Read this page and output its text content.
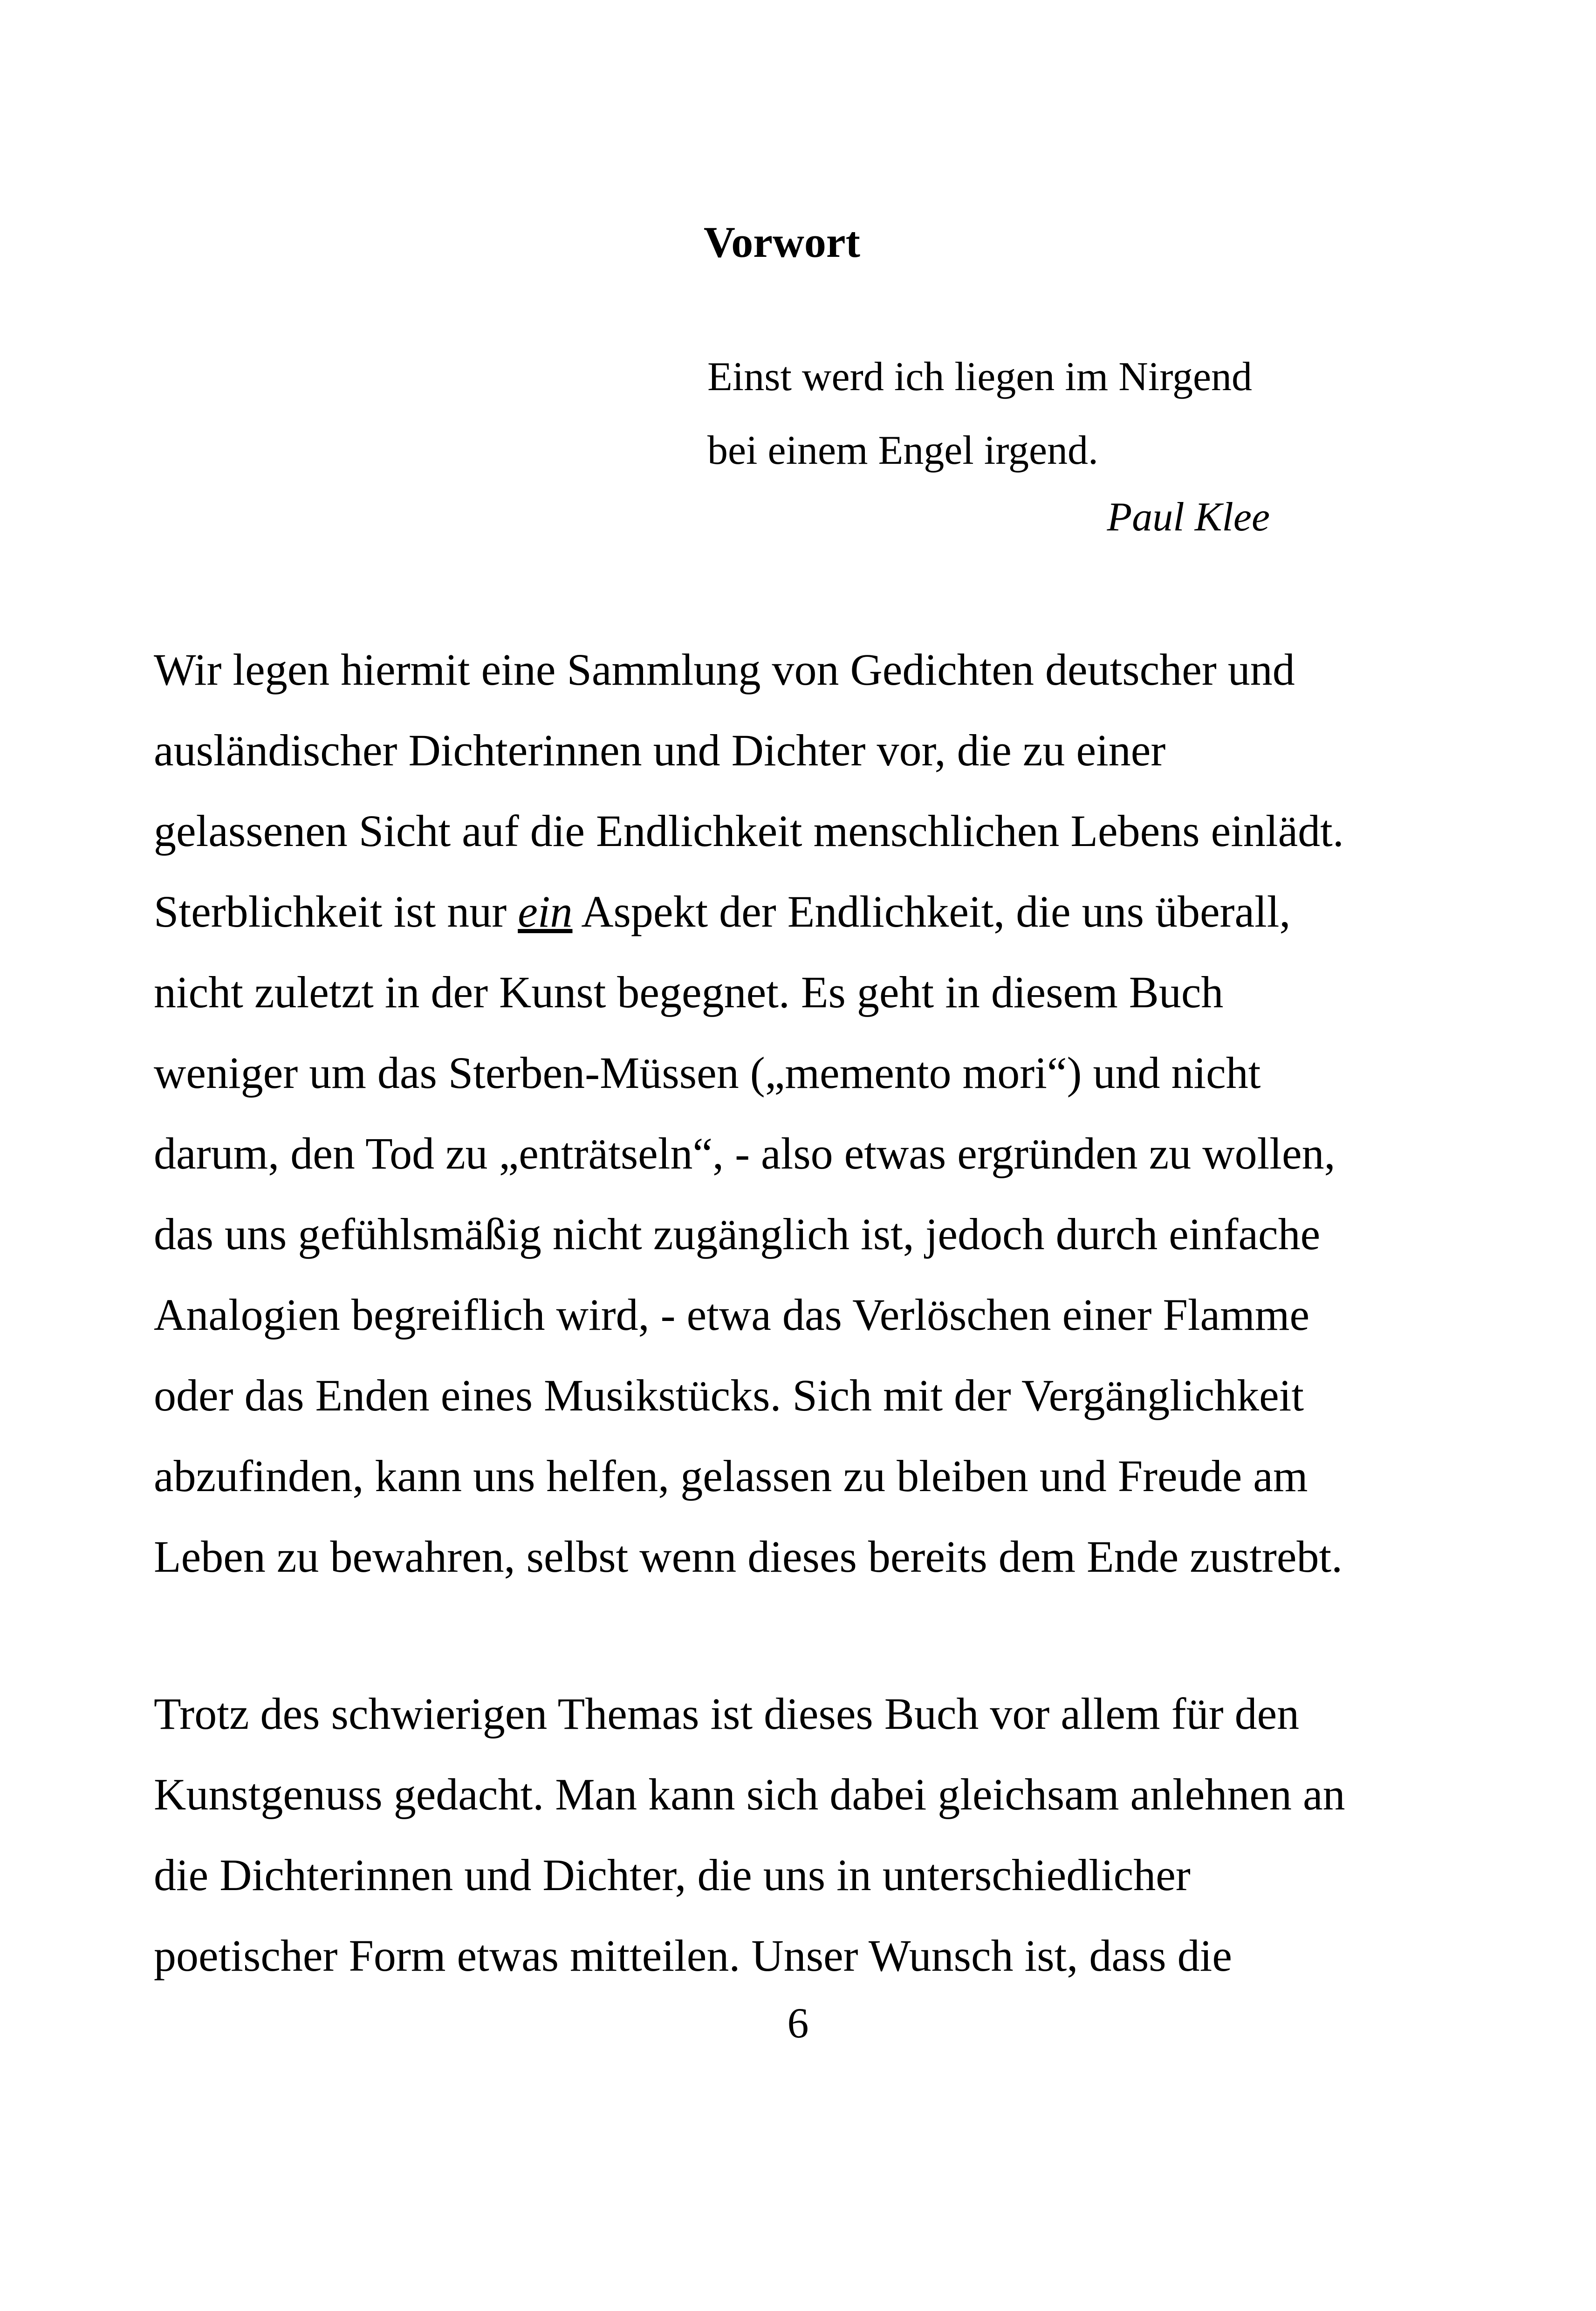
Vorwort
Einst werd ich liegen im Nirgend
bei einem Engel irgend.
Paul Klee
Wir legen hiermit eine Sammlung von Gedichten deutscher und
ausländischer Dichterinnen und Dichter vor, die zu einer
gelassenen Sicht auf die Endlichkeit menschlichen Lebens einlädt.
Sterblichkeit ist nur ein Aspekt der Endlichkeit, die uns überall,
nicht zuletzt in der Kunst begegnet. Es geht in diesem Buch
weniger um das Sterben-Müssen („memento mori“) und nicht
darum, den Tod zu „enträtseln“, - also etwas ergründen zu wollen,
das uns gefühlsmäßig nicht zugänglich ist, jedoch durch einfache
Analogien begreiflich wird, - etwa das Verlöschen einer Flamme
oder das Enden eines Musikstücks. Sich mit der Vergänglichkeit
abzufinden, kann uns helfen, gelassen zu bleiben und Freude am
Leben zu bewahren, selbst wenn dieses bereits dem Ende zustrebt.
Trotz des schwierigen Themas ist dieses Buch vor allem für den
Kunstgenuss gedacht. Man kann sich dabei gleichsam anlehnen an
die Dichterinnen und Dichter, die uns in unterschiedlicher
poetischer Form etwas mitteilen. Unser Wunsch ist, dass die
6
